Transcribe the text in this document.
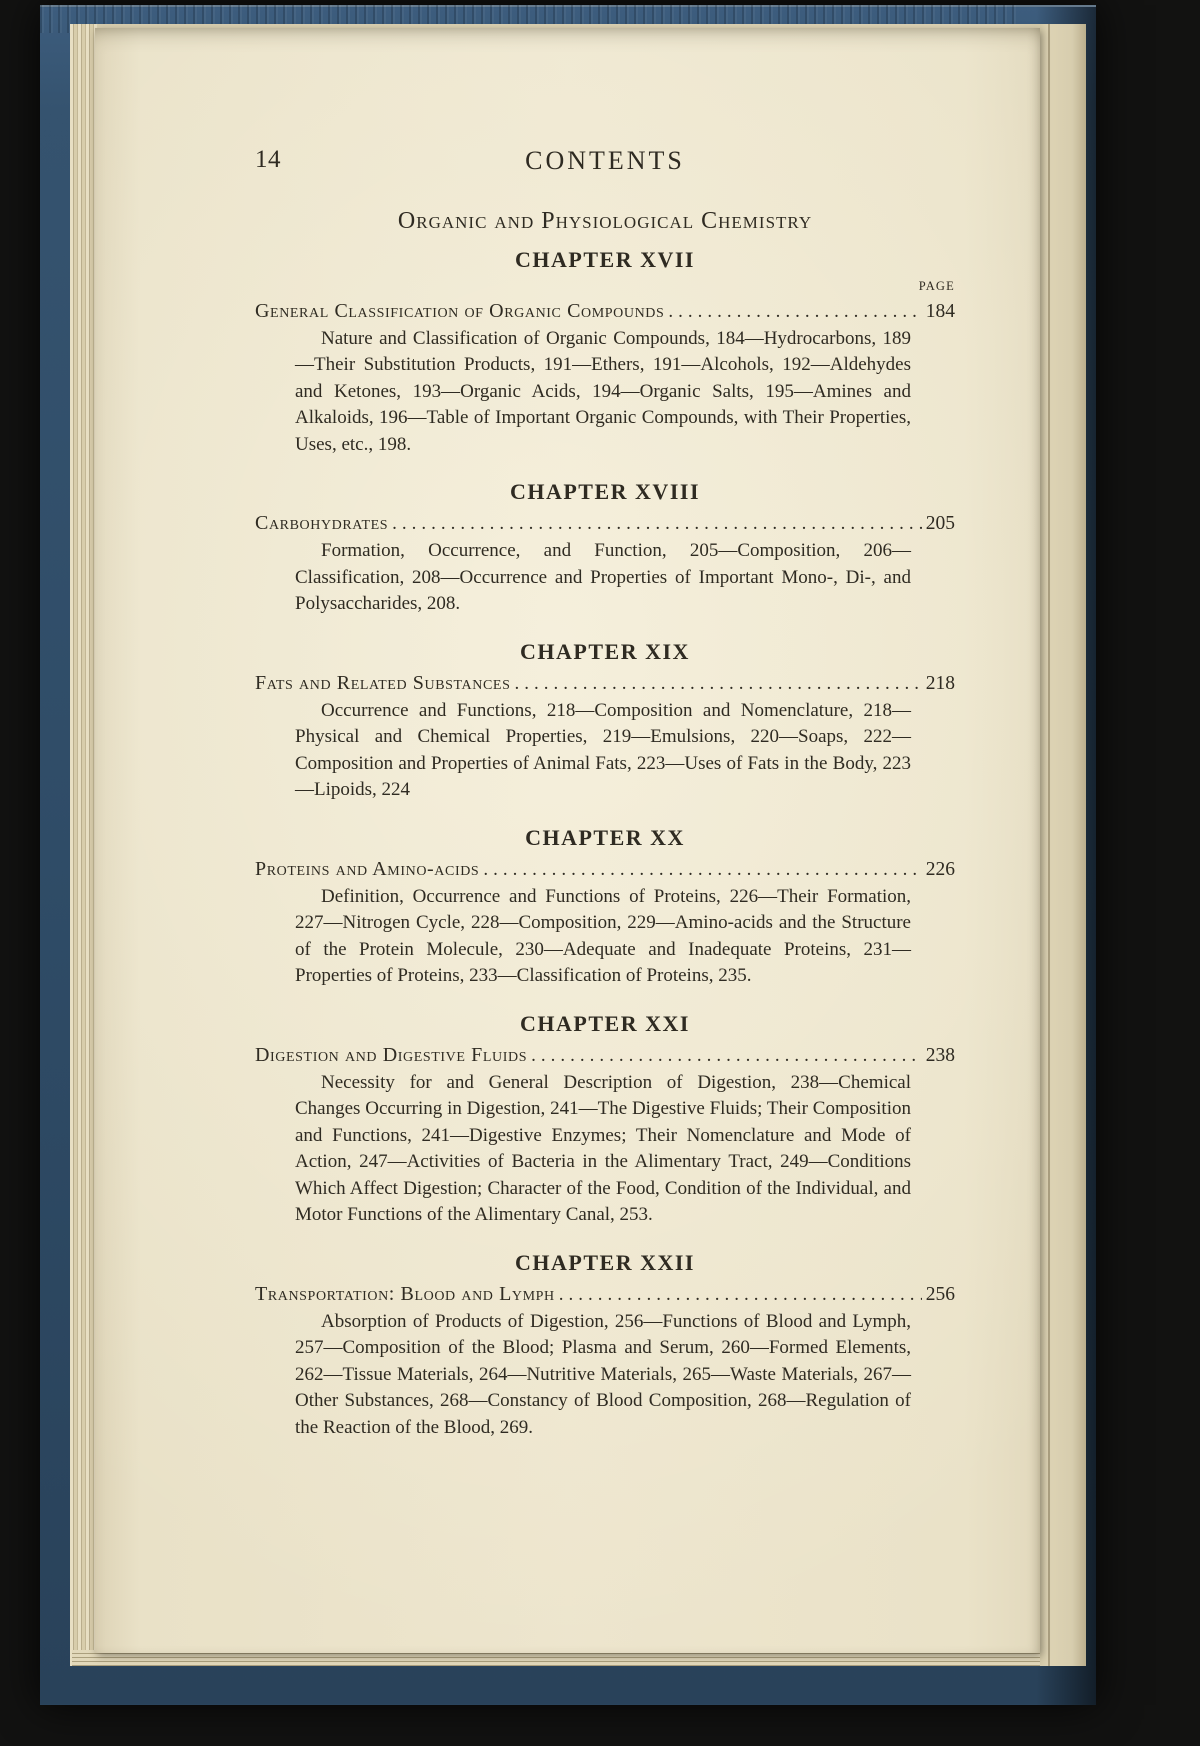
14	CONTENTS
Organic and Physiological Chemistry
CHAPTER XVII
PAGE
General Classification of Organic Compounds .....	184

Nature and Classification of Organic Compounds, 184—Hydrocarbons, 189—Their Substitution Products, 191—Ethers, 191—Alcohols, 192—Aldehydes and Ketones, 193—Organic Acids, 194—Organic Salts, 195—Amines and Alkaloids, 196—Table of Important Organic Compounds, with Their Properties, Uses, etc., 198.

CHAPTER XVIII
Carbohydrates .....	205

Formation, Occurrence, and Function, 205—Composition, 206—Classification, 208—Occurrence and Properties of Important Mono-, Di-, and Polysaccharides, 208.

CHAPTER XIX
Fats and Related Substances .....	218

Occurrence and Functions, 218—Composition and Nomenclature, 218—Physical and Chemical Properties, 219—Emulsions, 220—Soaps, 222—Composition and Properties of Animal Fats, 223—Uses of Fats in the Body, 223—Lipoids, 224

CHAPTER XX
Proteins and Amino-acids .....	226

Definition, Occurrence and Functions of Proteins, 226—Their Formation, 227—Nitrogen Cycle, 228—Composition, 229—Amino-acids and the Structure of the Protein Molecule, 230—Adequate and Inadequate Proteins, 231—Properties of Proteins, 233—Classification of Proteins, 235.

CHAPTER XXI
Digestion and Digestive Fluids .....	238

Necessity for and General Description of Digestion, 238—Chemical Changes Occurring in Digestion, 241—The Digestive Fluids; Their Composition and Functions, 241—Digestive Enzymes; Their Nomenclature and Mode of Action, 247—Activities of Bacteria in the Alimentary Tract, 249—Conditions Which Affect Digestion; Character of the Food, Condition of the Individual, and Motor Functions of the Alimentary Canal, 253.

CHAPTER XXII
Transportation: Blood and Lymph .....	256

Absorption of Products of Digestion, 256—Functions of Blood and Lymph, 257—Composition of the Blood; Plasma and Serum, 260—Formed Elements, 262—Tissue Materials, 264—Nutritive Materials, 265—Waste Materials, 267—Other Substances, 268—Constancy of Blood Composition, 268—Regulation of the Reaction of the Blood, 269.
